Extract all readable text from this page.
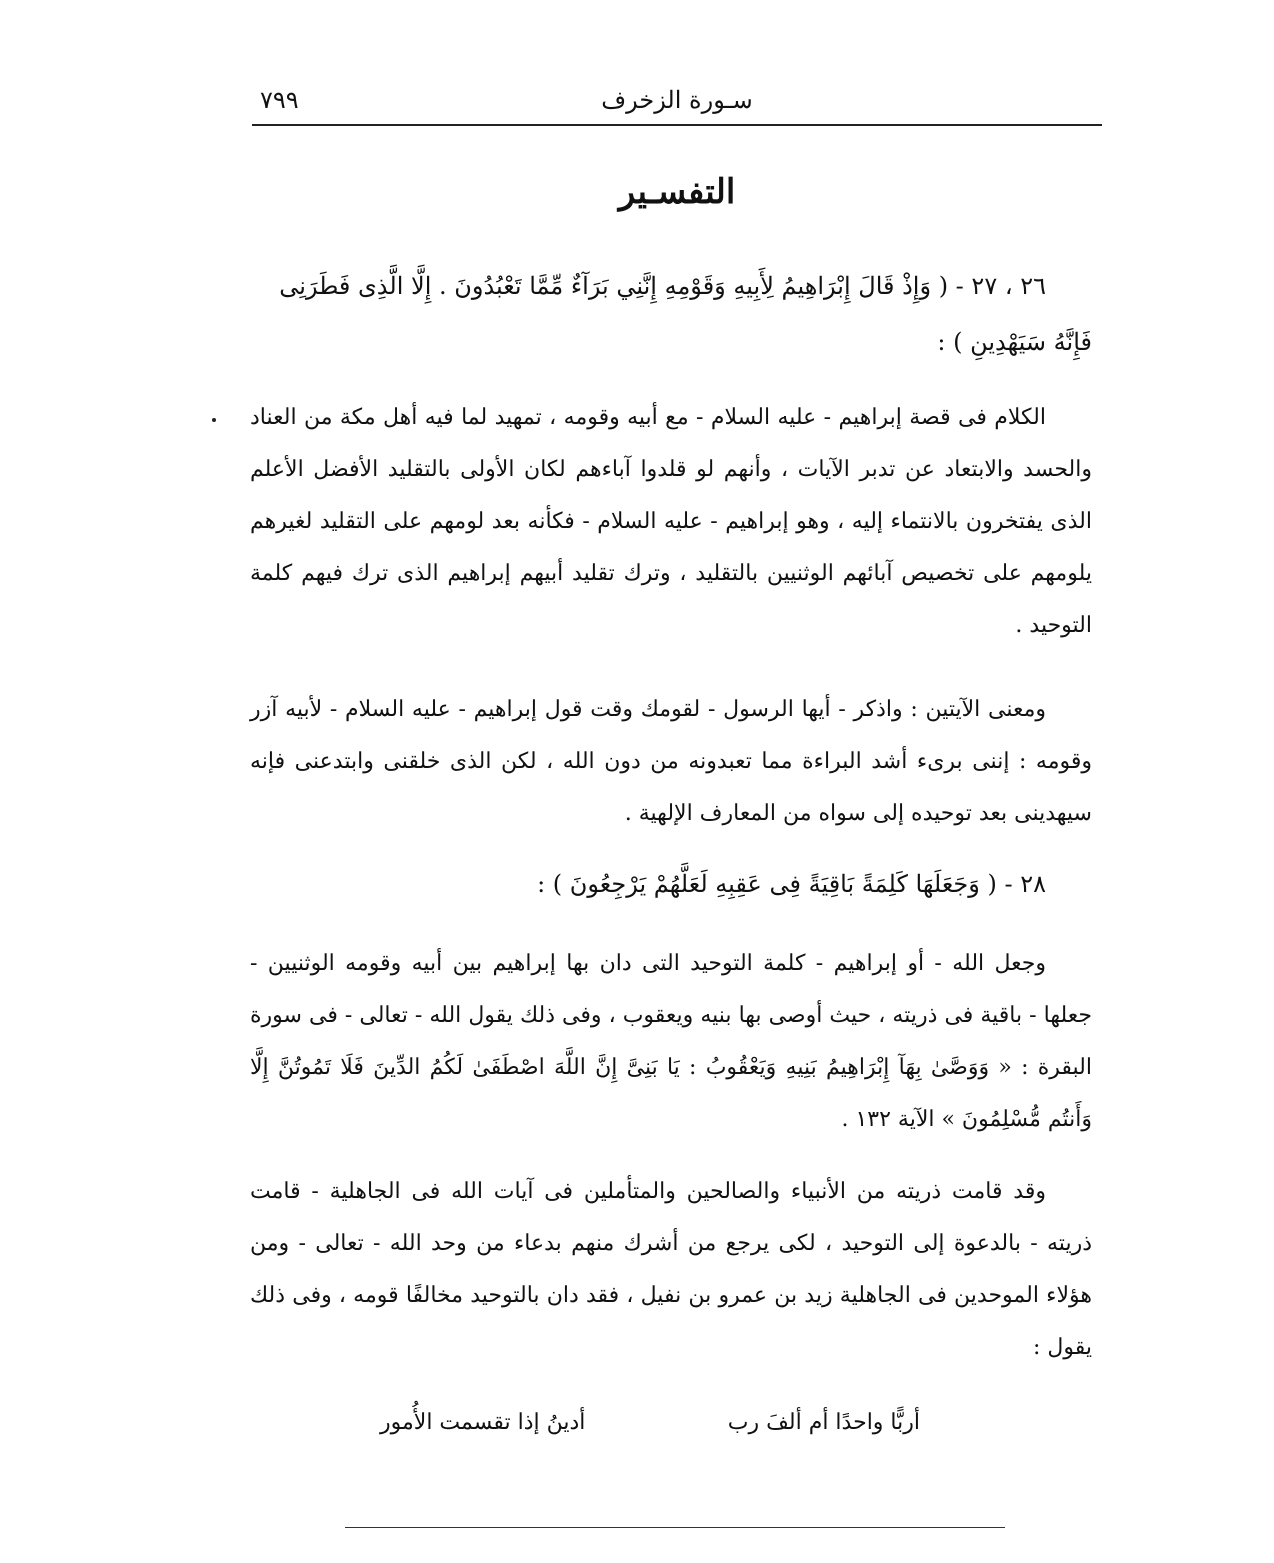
سـورة الزخرف
٧٩٩
التفسـير

٢٦ ، ٢٧ - ( وَإِذْ قَالَ إِبْرَاهِيمُ لِأَبِيهِ وَقَوْمِهِ إِنَّنِي بَرَآءٌ مِّمَّا تَعْبُدُونَ . إِلَّا الَّذِى فَطَرَنِى فَإِنَّهُ سَيَهْدِينِ ) :

الكلام فى قصة إبراهيم - عليه السلام - مع أبيه وقومه ، تمهيد لما فيه أهل مكة من العناد والحسد والابتعاد عن تدبر الآيات ، وأنهم لو قلدوا آباءهم لكان الأولى بالتقليد الأفضل الأعلم الذى يفتخرون بالانتماء إليه ، وهو إبراهيم - عليه السلام - فكأنه بعد لومهم على التقليد لغيرهم يلومهم على تخصيص آبائهم الوثنيين بالتقليد ، وترك تقليد أبيهم إبراهيم الذى ترك فيهم كلمة التوحيد .

ومعنى الآيتين : واذكر - أيها الرسول - لقومك وقت قول إبراهيم - عليه السلام - لأبيه آزر وقومه : إننى برىء أشد البراءة مما تعبدونه من دون الله ، لكن الذى خلقنى وابتدعنى فإنه سيهدينى بعد توحيده إلى سواه من المعارف الإلهية .

٢٨ - ( وَجَعَلَهَا كَلِمَةً بَاقِيَةً فِى عَقِبِهِ لَعَلَّهُمْ يَرْجِعُونَ ) :

وجعل الله - أو إبراهيم - كلمة التوحيد التى دان بها إبراهيم بين أبيه وقومه الوثنيين - جعلها - باقية فى ذريته ، حيث أوصى بها بنيه ويعقوب ، وفى ذلك يقول الله - تعالى - فى سورة البقرة : « وَوَصَّىٰ بِهَآ إِبْرَاهِيمُ بَنِيهِ وَيَعْقُوبُ : يَا بَنِىَّ إِنَّ اللَّهَ اصْطَفَىٰ لَكُمُ الدِّينَ فَلَا تَمُوتُنَّ إِلَّا وَأَنتُم مُّسْلِمُونَ » الآية ١٣٢ .

وقد قامت ذريته من الأنبياء والصالحين والمتأملين فى آيات الله فى الجاهلية - قامت ذريته - بالدعوة إلى التوحيد ، لكى يرجع من أشرك منهم بدعاء من وحد الله - تعالى - ومن هؤلاء الموحدين فى الجاهلية زيد بن عمرو بن نفيل ، فقد دان بالتوحيد مخالفًا قومه ، وفى ذلك يقول :

أربًّا واحدًا أم ألفَ رب
أدينُ إذا تقسمت الأُمور
